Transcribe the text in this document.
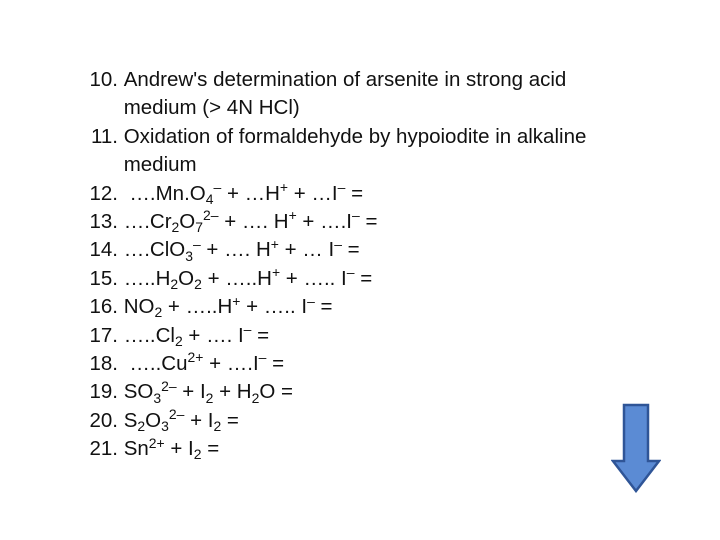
10. Andrew's determination of arsenite in strong acid
medium (> 4N HCl)
11. Oxidation of formaldehyde by hypoiodite in alkaline
medium
12. $\dots.Mn.O_4^-$ + …H+ + …I– =
13. $\dots.Cr_2O_7^{2-}$ + …. H+ + ….I– =
14. ….ClO$_3$– + …. H+ + … I– =
15. $\dots..H_2O_2$ + …..H+ + ….. I– =
16. $NO_2$ + …..H+ + ….. I– =
17. $\dots..Cl_2$ + …. I– =
18. $\dots..Cu^{2+}$ + ….I– =
19. $SO_3^{2-} + I_2 + H_2O$ =
20. $S_2O_3^{2-} + I_2$ =
21. $Sn^{2+} + I_2$ =
